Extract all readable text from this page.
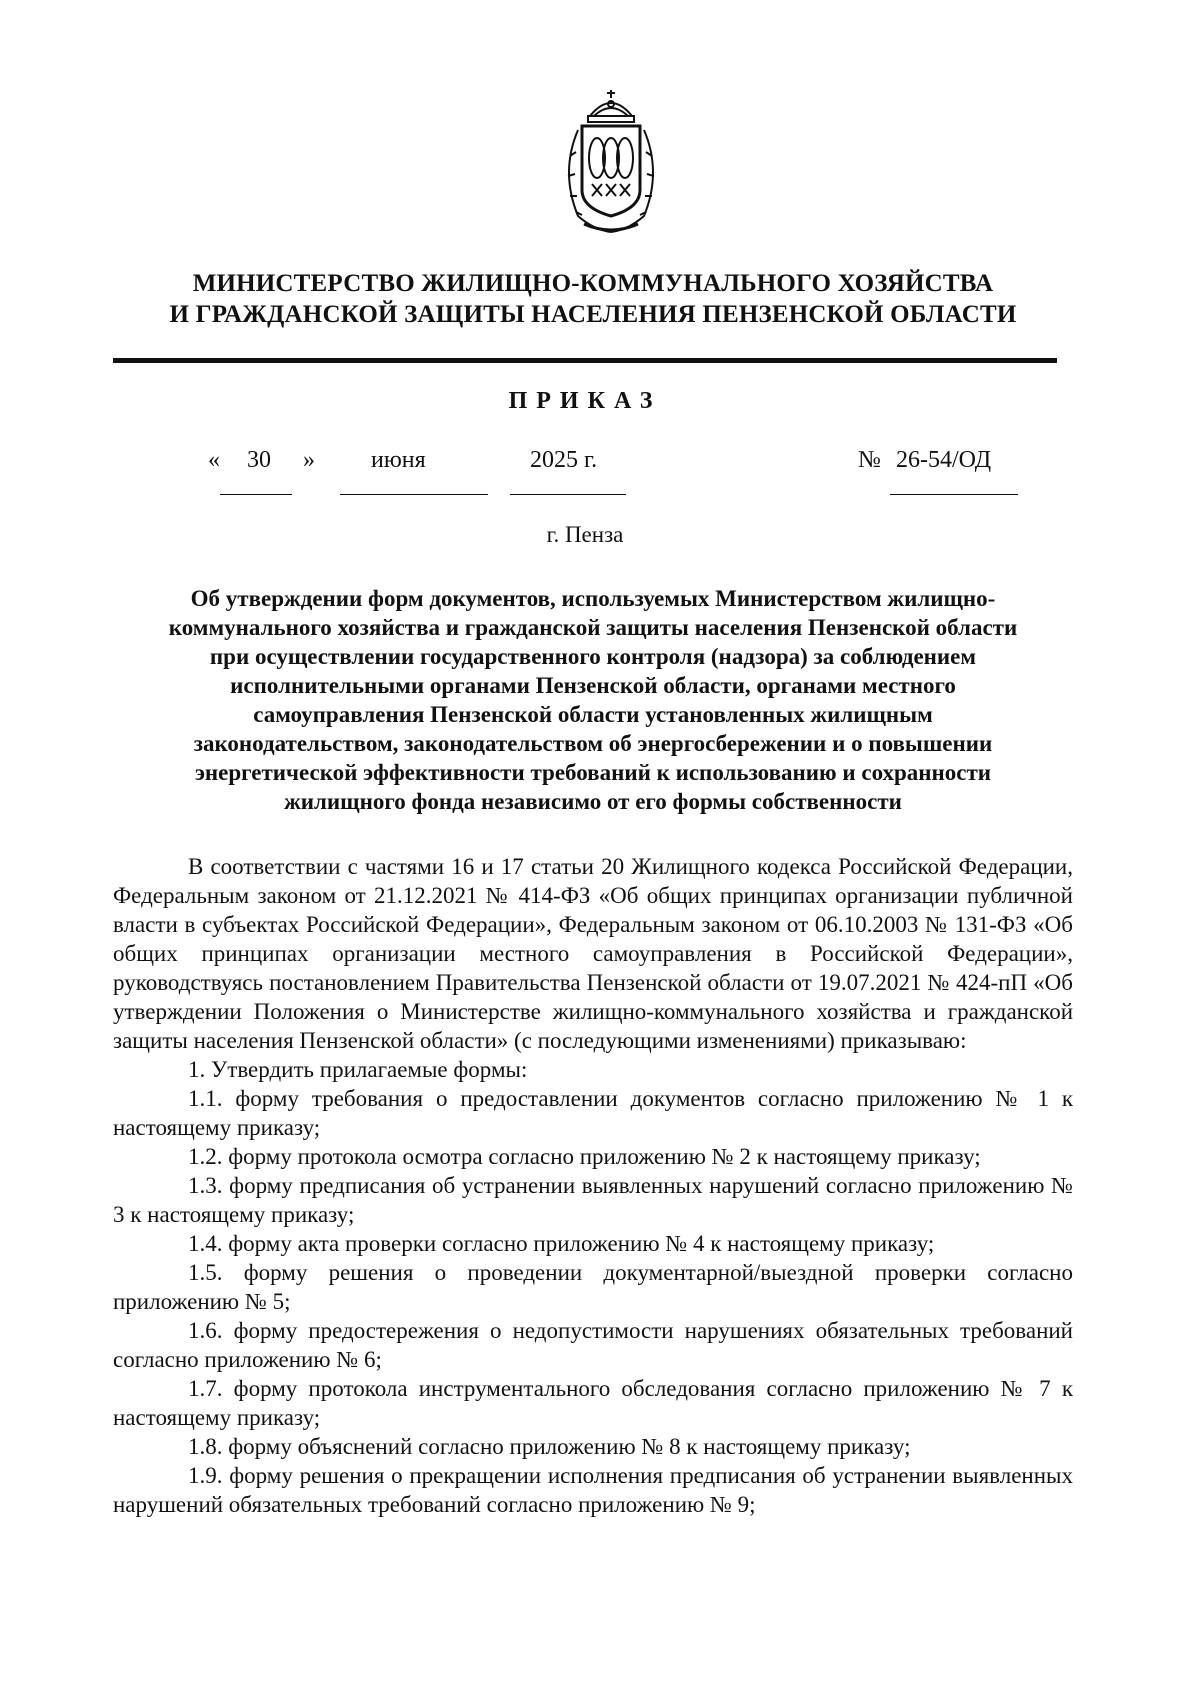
МИНИСТЕРСТВО ЖИЛИЩНО-КОММУНАЛЬНОГО ХОЗЯЙСТВА
И ГРАЖДАНСКОЙ ЗАЩИТЫ НАСЕЛЕНИЯ ПЕНЗЕНСКОЙ ОБЛАСТИ
ПРИКАЗ
« 30 » июня	2025 г.	№ 26-54/ОД
г. Пенза
Об утверждении форм документов, используемых Министерством жилищно-
коммунального хозяйства и гражданской защиты населения Пензенской области
при осуществлении государственного контроля (надзора) за соблюдением
исполнительными органами Пензенской области, органами местного
самоуправления Пензенской области установленных жилищным
законодательством, законодательством об энергосбережении и о повышении
энергетической эффективности требований к использованию и сохранности
жилищного фонда независимо от его формы собственности

В соответствии с частями 16 и 17 статьи 20 Жилищного кодекса Российской Федерации, Федеральным законом от 21.12.2021 № 414-ФЗ «Об общих принципах организации публичной власти в субъектах Российской Федерации», Федеральным законом от 06.10.2003 № 131-ФЗ «Об общих принципах организации местного самоуправления в Российской Федерации», руководствуясь постановлением Правительства Пензенской области от 19.07.2021 № 424-пП «Об утверждении Положения о Министерстве жилищно-коммунального хозяйства и гражданской защиты населения Пензенской области» (с последующими изменениями) приказываю:

1. Утвердить прилагаемые формы:

1.1. форму требования о предоставлении документов согласно приложению № 1 к настоящему приказу;

1.2. форму протокола осмотра согласно приложению № 2 к настоящему приказу;

1.3. форму предписания об устранении выявленных нарушений согласно приложению № 3 к настоящему приказу;

1.4. форму акта проверки согласно приложению № 4 к настоящему приказу;

1.5. форму решения о проведении документарной/выездной проверки согласно приложению № 5;

1.6. форму предостережения о недопустимости нарушениях обязательных требований согласно приложению № 6;

1.7. форму протокола инструментального обследования согласно приложению № 7 к настоящему приказу;

1.8. форму объяснений согласно приложению № 8 к настоящему приказу;

1.9. форму решения о прекращении исполнения предписания об устранении выявленных нарушений обязательных требований согласно приложению № 9;
